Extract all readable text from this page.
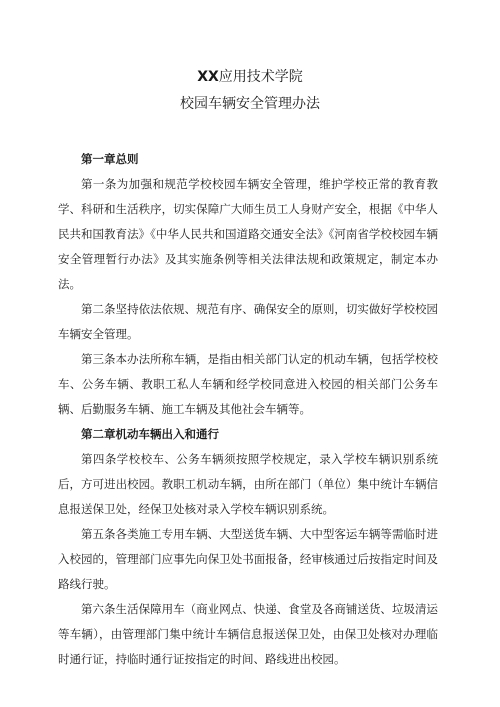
XX应用技术学院
校园车辆安全管理办法
第一章总则

第一条为加强和规范学校校园车辆安全管理，维护学校正常的教育教学、科研和生活秩序，切实保障广大师生员工人身财产安全，根据《中华人民共和国教育法》《中华人民共和国道路交通安全法》《河南省学校校园车辆安全管理暂行办法》及其实施条例等相关法律法规和政策规定，制定本办法。

第二条坚持依法依规、规范有序、确保安全的原则，切实做好学校校园车辆安全管理。

第三条本办法所称车辆，是指由相关部门认定的机动车辆，包括学校校车、公务车辆、教职工私人车辆和经学校同意进入校园的相关部门公务车辆、后勤服务车辆、施工车辆及其他社会车辆等。

第二章机动车辆出入和通行

第四条学校校车、公务车辆须按照学校规定，录入学校车辆识别系统后，方可进出校园。教职工机动车辆，由所在部门（单位）集中统计车辆信息报送保卫处，经保卫处核对录入学校车辆识别系统。

第五条各类施工专用车辆、大型送货车辆、大中型客运车辆等需临时进入校园的，管理部门应事先向保卫处书面报备，经审核通过后按指定时间及路线行驶。

第六条生活保障用车（商业网点、快递、食堂及各商铺送货、垃圾清运等车辆），由管理部门集中统计车辆信息报送保卫处，由保卫处核对办理临时通行证，持临时通行证按指定的时间、路线进出校园。
